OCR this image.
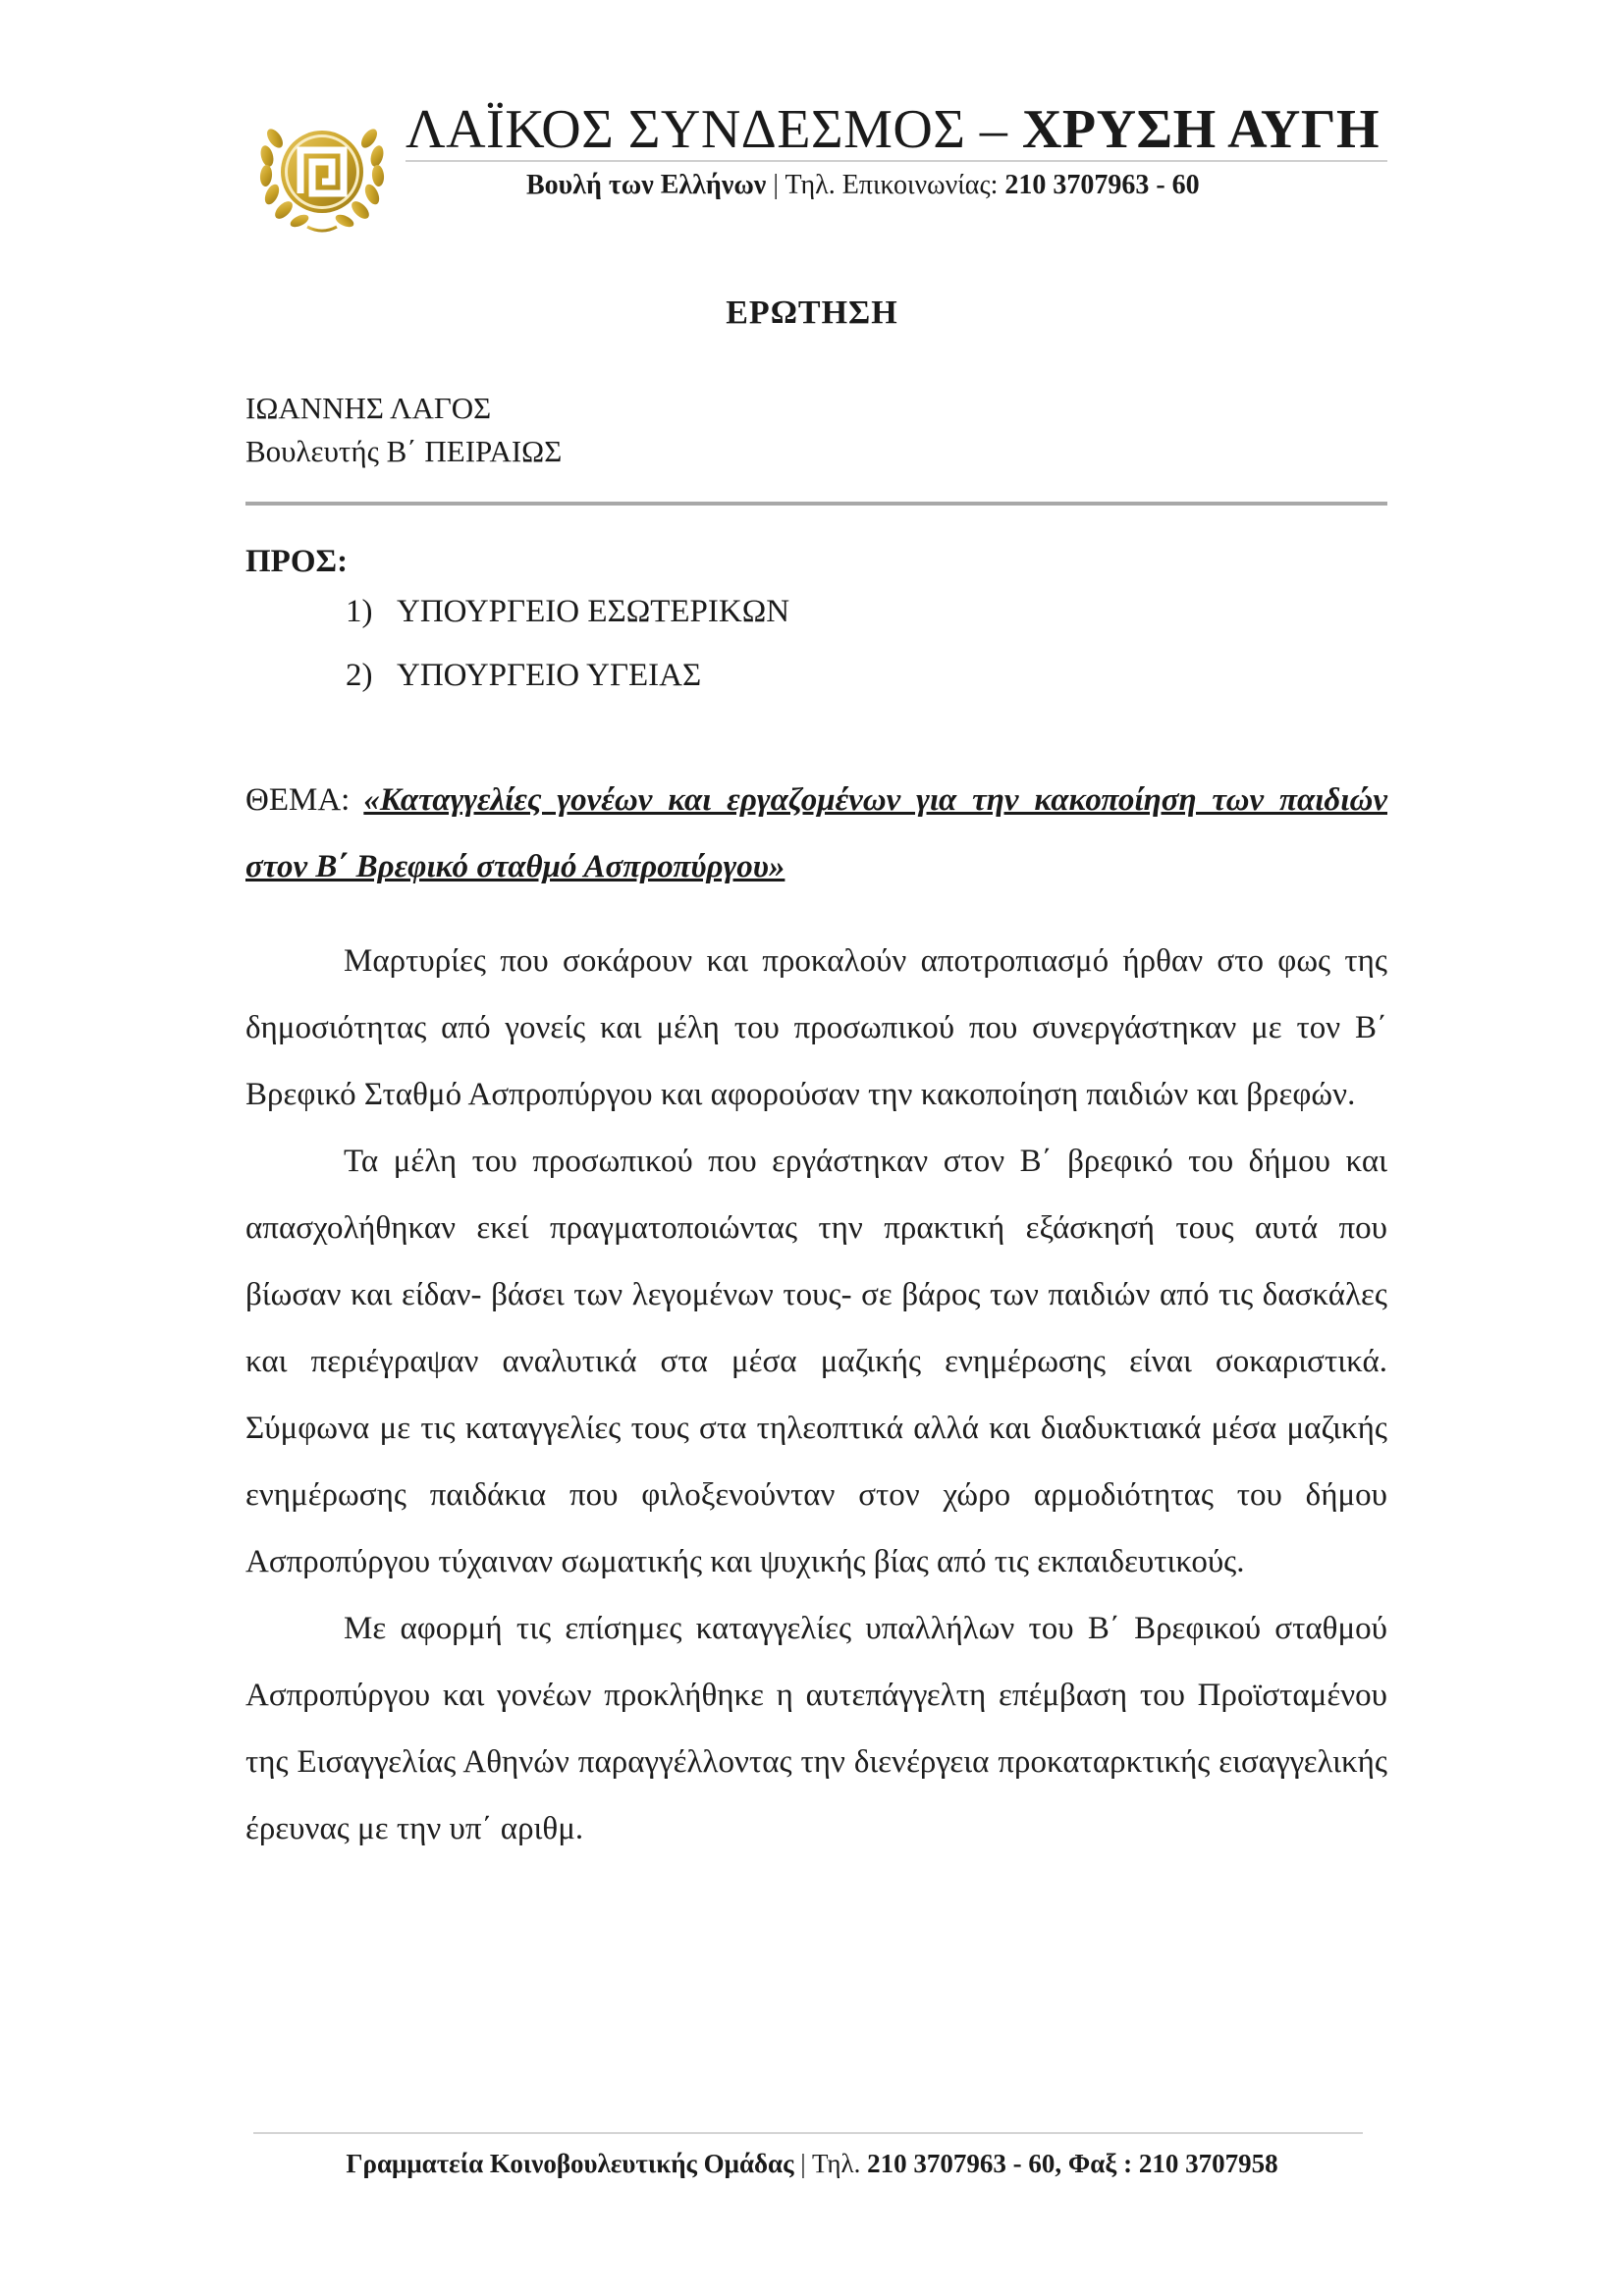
ΛΑΪΚΟΣ ΣΥΝΔΕΣΜΟΣ – ΧΡΥΣΗ ΑΥΓΗ
Βουλή των Ελλήνων | Τηλ. Επικοινωνίας: 210 3707963 - 60
ΕΡΩΤΗΣΗ
ΙΩΑΝΝΗΣ ΛΑΓΟΣ
Βουλευτής Β΄ ΠΕΙΡΑΙΩΣ
ΠΡΟΣ:
1) ΥΠΟΥΡΓΕΙΟ ΕΣΩΤΕΡΙΚΩΝ
2) ΥΠΟΥΡΓΕΙΟ ΥΓΕΙΑΣ
ΘΕΜΑ: «Καταγγελίες γονέων και εργαζομένων για την κακοποίηση των παιδιών στον Β΄ Βρεφικό σταθμό Ασπροπύργου»

Μαρτυρίες που σοκάρουν και προκαλούν αποτροπιασμό ήρθαν στο φως της δημοσιότητας από γονείς και μέλη του προσωπικού που συνεργάστηκαν με τον Β΄ Βρεφικό Σταθμό Ασπροπύργου και αφορούσαν την κακοποίηση παιδιών και βρεφών.

Τα μέλη του προσωπικού που εργάστηκαν στον Β΄ βρεφικό του δήμου και απασχολήθηκαν εκεί πραγματοποιώντας την πρακτική εξάσκησή τους αυτά που βίωσαν και είδαν- βάσει των λεγομένων τους- σε βάρος των παιδιών από τις δασκάλες και περιέγραψαν αναλυτικά στα μέσα μαζικής ενημέρωσης είναι σοκαριστικά. Σύμφωνα με τις καταγγελίες τους στα τηλεοπτικά αλλά και διαδυκτιακά μέσα μαζικής ενημέρωσης παιδάκια που φιλοξενούνταν στον χώρο αρμοδιότητας του δήμου Ασπροπύργου τύχαιναν σωματικής και ψυχικής βίας από τις εκπαιδευτικούς.

Με αφορμή τις επίσημες καταγγελίες υπαλλήλων του Β΄ Βρεφικού σταθμού Ασπροπύργου και γονέων προκλήθηκε η αυτεπάγγελτη επέμβαση του Προϊσταμένου της Εισαγγελίας Αθηνών παραγγέλλοντας την διενέργεια προκαταρκτικής εισαγγελικής έρευνας με την υπ΄ αριθμ.

Γραμματεία Κοινοβουλευτικής Ομάδας | Τηλ. 210 3707963 - 60, Φαξ : 210 3707958
